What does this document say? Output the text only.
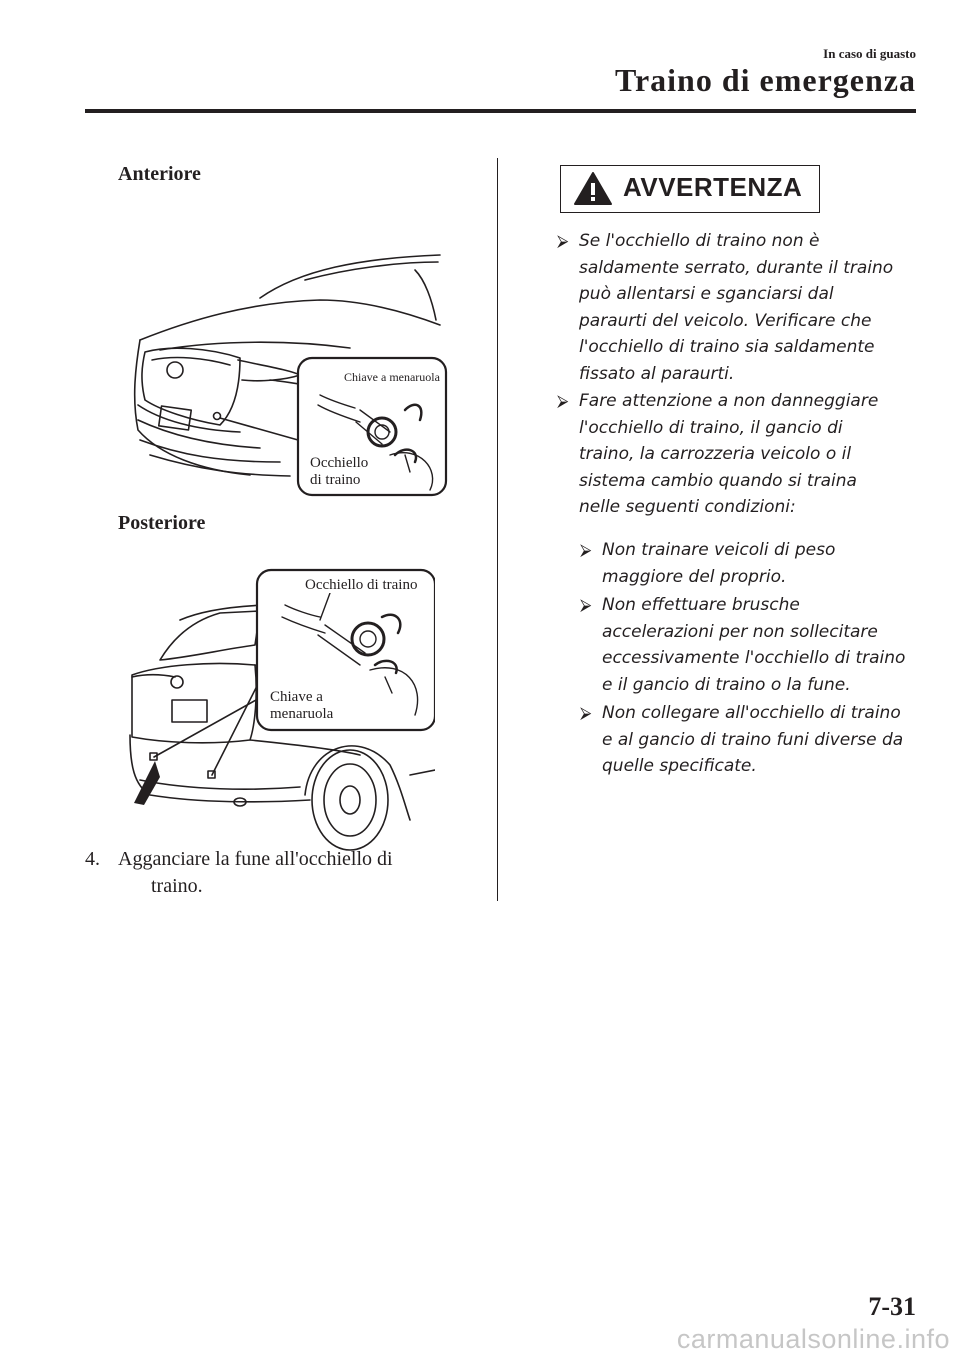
In caso di guasto
Traino di emergenza
Anteriore
Chiave a menaruola
Occhiello
di traino
Posteriore
Occhiello di traino
Chiave a
menaruola
4. Agganciare la fune all'occhiello di
traino.
AVVERTENZA
⮚ Se l'occhiello di traino non è
saldamente serrato, durante il traino
può allentarsi e sganciarsi dal
paraurti del veicolo. Verificare che
l'occhiello di traino sia saldamente
fissato al paraurti.
⮚ Fare attenzione a non danneggiare
l'occhiello di traino, il gancio di
traino, la carrozzeria veicolo o il
sistema cambio quando si traina
nelle seguenti condizioni:
⮚ Non trainare veicoli di peso
maggiore del proprio.
⮚ Non effettuare brusche
accelerazioni per non sollecitare
eccessivamente l'occhiello di traino
e il gancio di traino o la fune.
⮚ Non collegare all'occhiello di traino
e al gancio di traino funi diverse da
quelle specificate.
7-31
carmanualsonline.info
